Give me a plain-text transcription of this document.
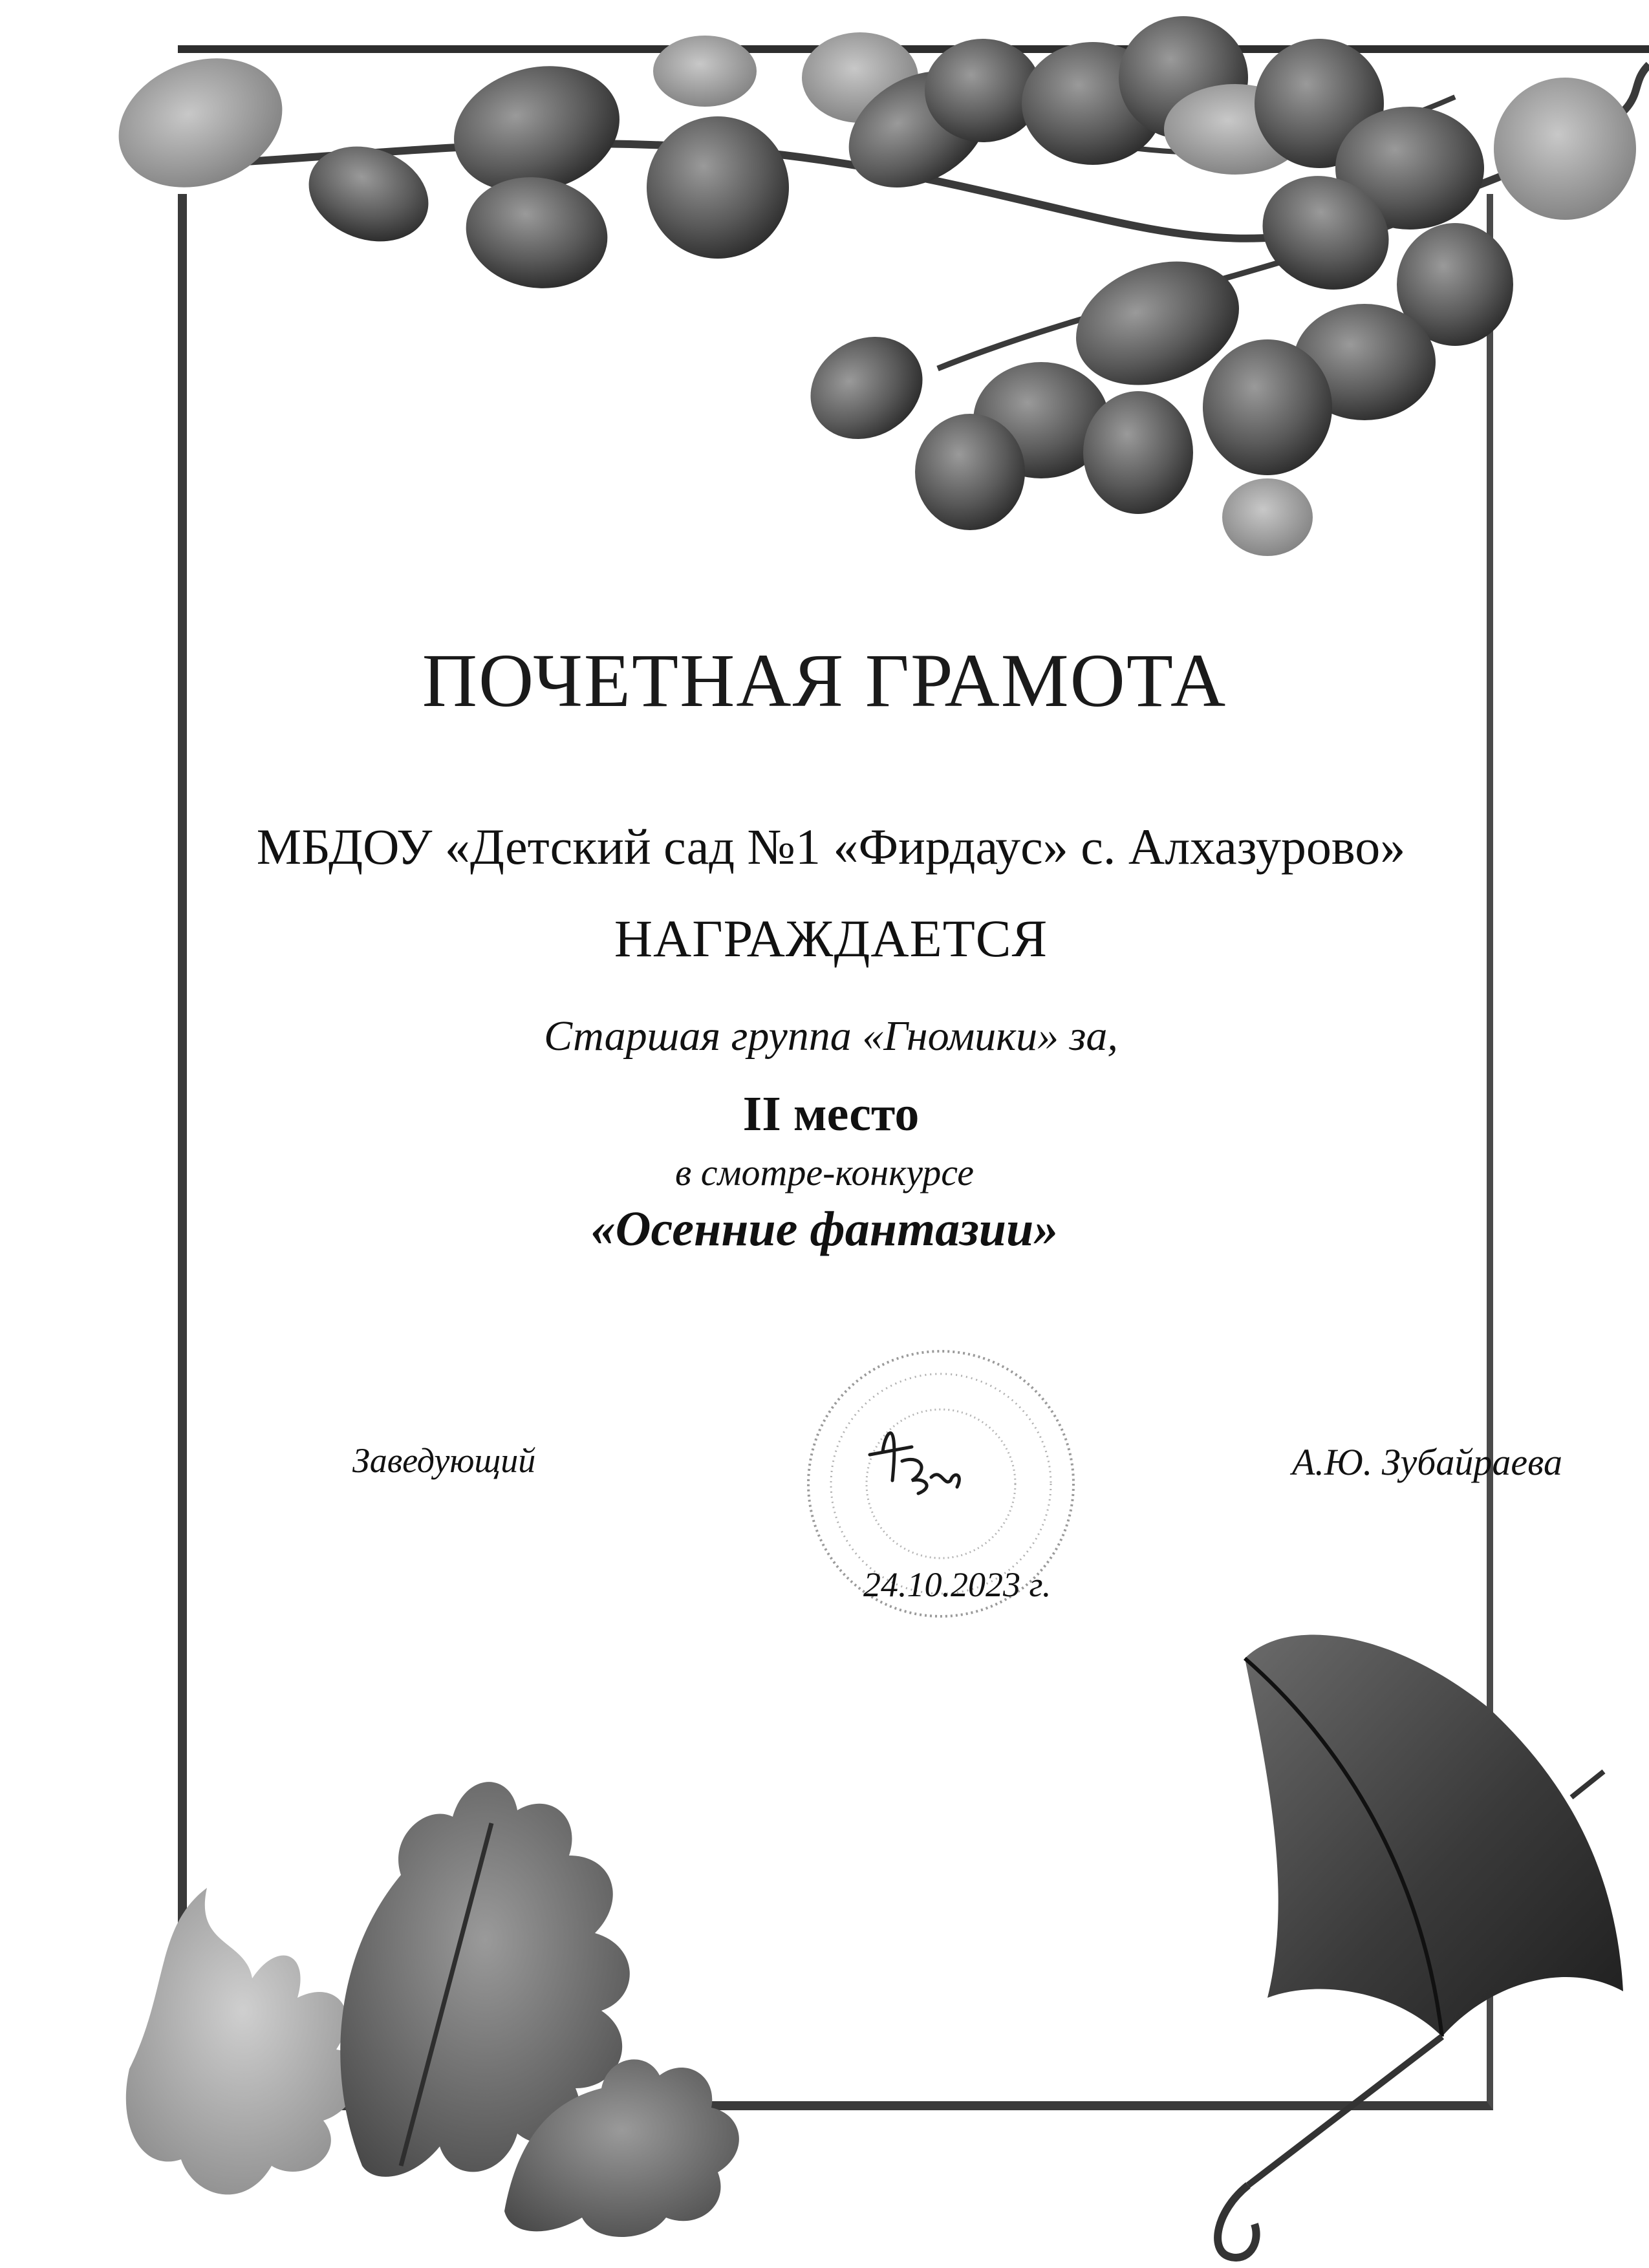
ПОЧЕТНАЯ ГРАМОТА
МБДОУ «Детский сад №1 «Фирдаус» с. Алхазурово»
НАГРАЖДАЕТСЯ
Старшая группа «Гномики» за,
II место
в смотре-конкурсе
«Осенние фантазии»
Заведующий	А.Ю. Зубайраева
24.10.2023 г.
